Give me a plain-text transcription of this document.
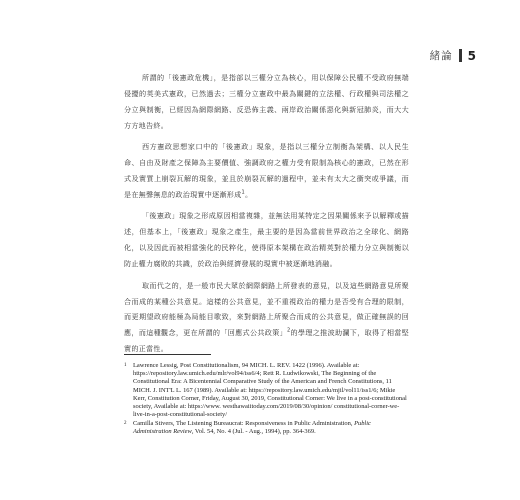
緒論 5

所謂的「後憲政危機」，是指部以三權分立為核心，用以保障公民權不受政府無端侵擾的英美式憲政，已然過去；三權分立憲政中最為關鍵的立法權、行政權與司法權之分立與制衡，已經因為網際網路、反恐佈主義、兩岸政治關係惡化與新冠肺炎，而大大方方地告終。

西方憲政思想家口中的「後憲政」現象，是指以三權分立制衡為架構、以人民生命、自由及財產之保障為主要價值、強調政府之權力受有限制為核心的憲政，已然在形式及實質上崩裂瓦解的現象，並且於崩裂瓦解的過程中，並未有太大之衝突或爭議，而是在無聲無息的政治現實中逐漸形成$^1$。

「後憲政」現象之形成原因相當複雜，並無法用某特定之因果關係來予以解釋或描述，但基本上，「後憲政」現象之產生，最主要的是因為當前世界政治之全球化、網路化，以及因此而被相當強化的民粹化，使得原本架構在政治精英對於權力分立與制衡以防止權力腐敗的共識，於政治與經濟發展的現實中被逐漸地消融。

取而代之的，是一般市民大眾於網際網路上所發表的意見，以及這些網路意見所聚合而成的某種公共意見。這樣的公共意見，並不重視政治的權力是否受有合理的限制，而更期望政府能極為局能目歌致，來對網路上所聚合而成的公共意見，做正確無誤的回應，而這種觀念，更在所謂的「回應式公共政策」$^2$的學理之推波助瀾下，取得了相當堅實的正當性。

1	Lawrence Lessig, Post Constitutionalism, 94 MICH. L. REV. 1422 (1996). Available at: https://repository.law.umich.edu/mlr/vol94/iss6/4; Rett R. Ludwikowski, The Beginning of the Constitutional Era: A Bicentennial Comparative Study of the American and French Constitutions, 11 MICH. J. INT'L L. 167 (1989). Available at: https://repository.law.umich.edu/mjil/vol11/iss1/6; Mikie Kerr, Constitution Corner, Friday, August 30, 2019, Constitutional Corner: We live in a post-constitutional society, Available at: https://www. westhawaiitoday.com/2019/08/30/opinion/ constitutional-corner-we-live-in-a-post-constitutional-society/
2	Camilla Stivers, The Listening Bureaucrat: Responsiveness in Public Administration, Public Administration Review, Vol. 54, No. 4 (Jul. - Aug., 1994), pp. 364-369.
